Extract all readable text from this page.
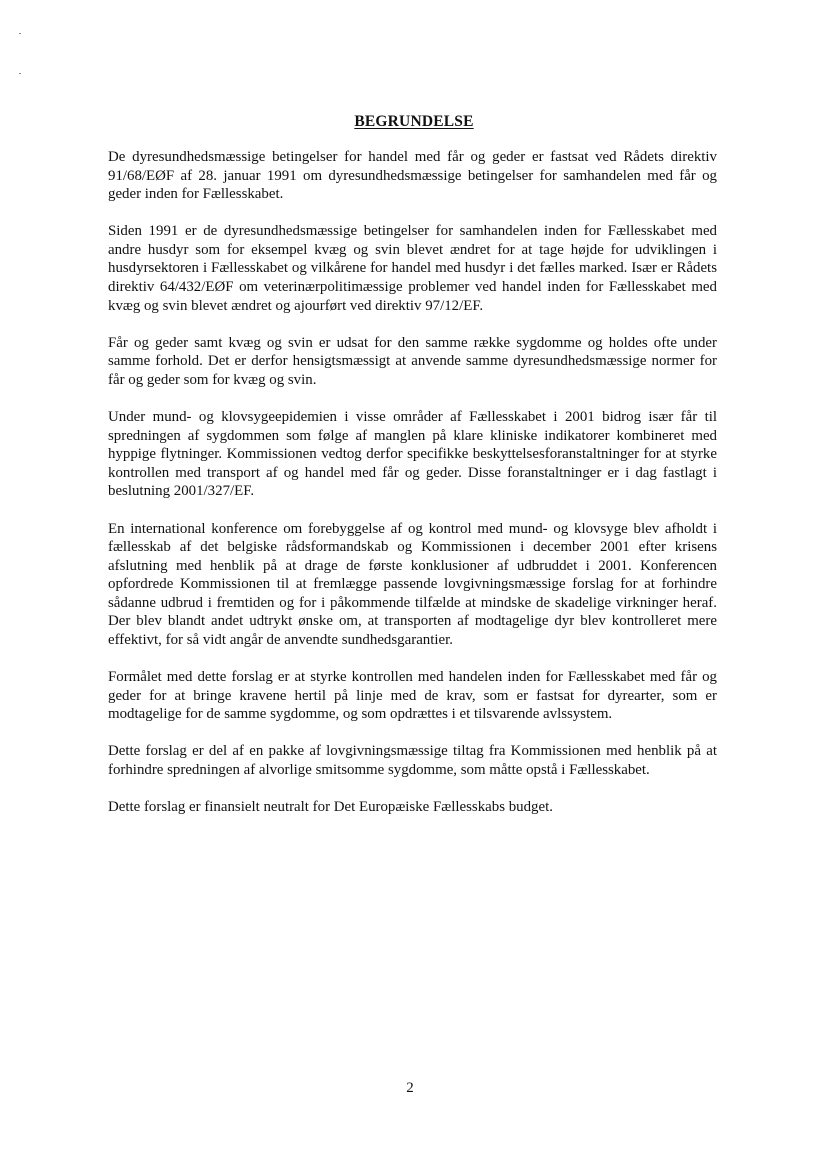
BEGRUNDELSE

De dyresundhedsmæssige betingelser for handel med får og geder er fastsat ved Rådets direktiv 91/68/EØF af 28. januar 1991 om dyresundhedsmæssige betingelser for samhandelen med får og geder inden for Fællesskabet.

Siden 1991 er de dyresundhedsmæssige betingelser for samhandelen inden for Fællesskabet med andre husdyr som for eksempel kvæg og svin blevet ændret for at tage højde for udviklingen i husdyrsektoren i Fællesskabet og vilkårene for handel med husdyr i det fælles marked. Især er Rådets direktiv 64/432/EØF om veterinærpolitimæssige problemer ved handel inden for Fællesskabet med kvæg og svin blevet ændret og ajourført ved direktiv 97/12/EF.

Får og geder samt kvæg og svin er udsat for den samme række sygdomme og holdes ofte under samme forhold. Det er derfor hensigtsmæssigt at anvende samme dyresundhedsmæssige normer for får og geder som for kvæg og svin.

Under mund- og klovsygeepidemien i visse områder af Fællesskabet i 2001 bidrog især får til spredningen af sygdommen som følge af manglen på klare kliniske indikatorer kombineret med hyppige flytninger. Kommissionen vedtog derfor specifikke beskyttelsesforanstaltninger for at styrke kontrollen med transport af og handel med får og geder. Disse foranstaltninger er i dag fastlagt i beslutning 2001/327/EF.

En international konference om forebyggelse af og kontrol med mund- og klovsyge blev afholdt i fællesskab af det belgiske rådsformandskab og Kommissionen i december 2001 efter krisens afslutning med henblik på at drage de første konklusioner af udbruddet i 2001. Konferencen opfordrede Kommissionen til at fremlægge passende lovgivningsmæssige forslag for at forhindre sådanne udbrud i fremtiden og for i påkommende tilfælde at mindske de skadelige virkninger heraf. Der blev blandt andet udtrykt ønske om, at transporten af modtagelige dyr blev kontrolleret mere effektivt, for så vidt angår de anvendte sundhedsgarantier.

Formålet med dette forslag er at styrke kontrollen med handelen inden for Fællesskabet med får og geder for at bringe kravene hertil på linje med de krav, som er fastsat for dyrearter, som er modtagelige for de samme sygdomme, og som opdrættes i et tilsvarende avlssystem.

Dette forslag er del af en pakke af lovgivningsmæssige tiltag fra Kommissionen med henblik på at forhindre spredningen af alvorlige smitsomme sygdomme, som måtte opstå i Fællesskabet.

Dette forslag er finansielt neutralt for Det Europæiske Fællesskabs budget.

2
